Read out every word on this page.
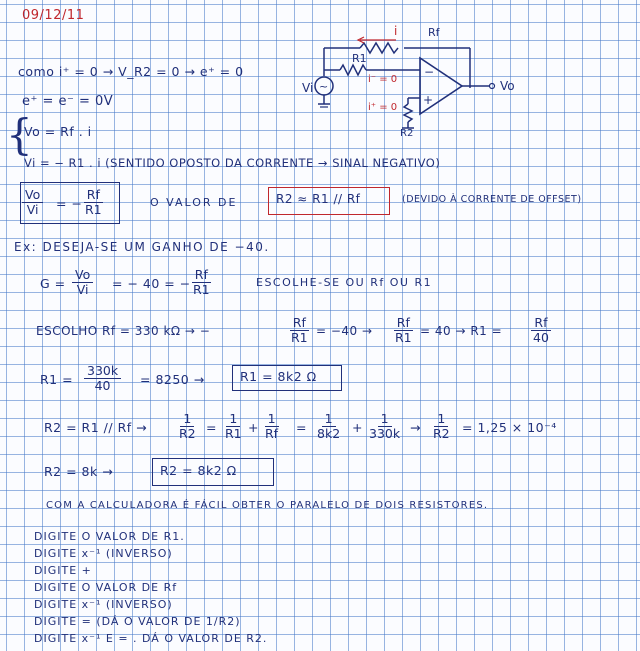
09/12/11
i	Rf
R1
~
Vi
−
+
Vo
R2
i⁻ = 0
i⁺ = 0
como i⁺ = 0 → V_R2 = 0 → e⁺ = 0
e⁺ = e⁻ = 0V
{
Vo = Rf . i
Vi = − R1 . i (SENTIDO OPOSTO DA CORRENTE → SINAL NEGATIVO)
$\frac{Vo}{Vi}$ = − $\frac{Rf}{R1}$	O VALOR DE	R2 ≈ R1 // Rf	(DEVIDO À CORRENTE DE OFFSET)
Ex: DESEJA-SE UM GANHO DE −40.
$G = \frac{Vo}{Vi}$ = − 40 = − $\frac{Rf}{R1}$	ESCOLHE-SE OU Rf OU R1
ESCOLHO Rf = 330 kΩ → −	$\frac{Rf}{R1} = -40 \to \frac{Rf}{R1} = 40 \to R1 = \frac{Rf}{40}$
$R1 = \frac{330k}{40} = 8250$ →	R1 = 8k2 Ω
$R2 = R1 // Rf \to \frac{1}{R2} = \frac{1}{R1} + \frac{1}{Rf} = \frac{1}{8k2} + \frac{1}{330k} \to \frac{1}{R2} = 1,25 \times 10^{-4}$
R2 = 8k →	R2 = 8k2 Ω
COM A CALCULADORA É FÁCIL OBTER O PARALELO DE DOIS RESISTORES.
DIGITE O VALOR DE R1.
DIGITE x⁻¹ (INVERSO)
DIGITE +
DIGITE O VALOR DE Rf
DIGITE x⁻¹ (INVERSO)
DIGITE = (DÁ O VALOR DE 1/R2)
DIGITE x⁻¹ E = . DÁ O VALOR DE R2.
